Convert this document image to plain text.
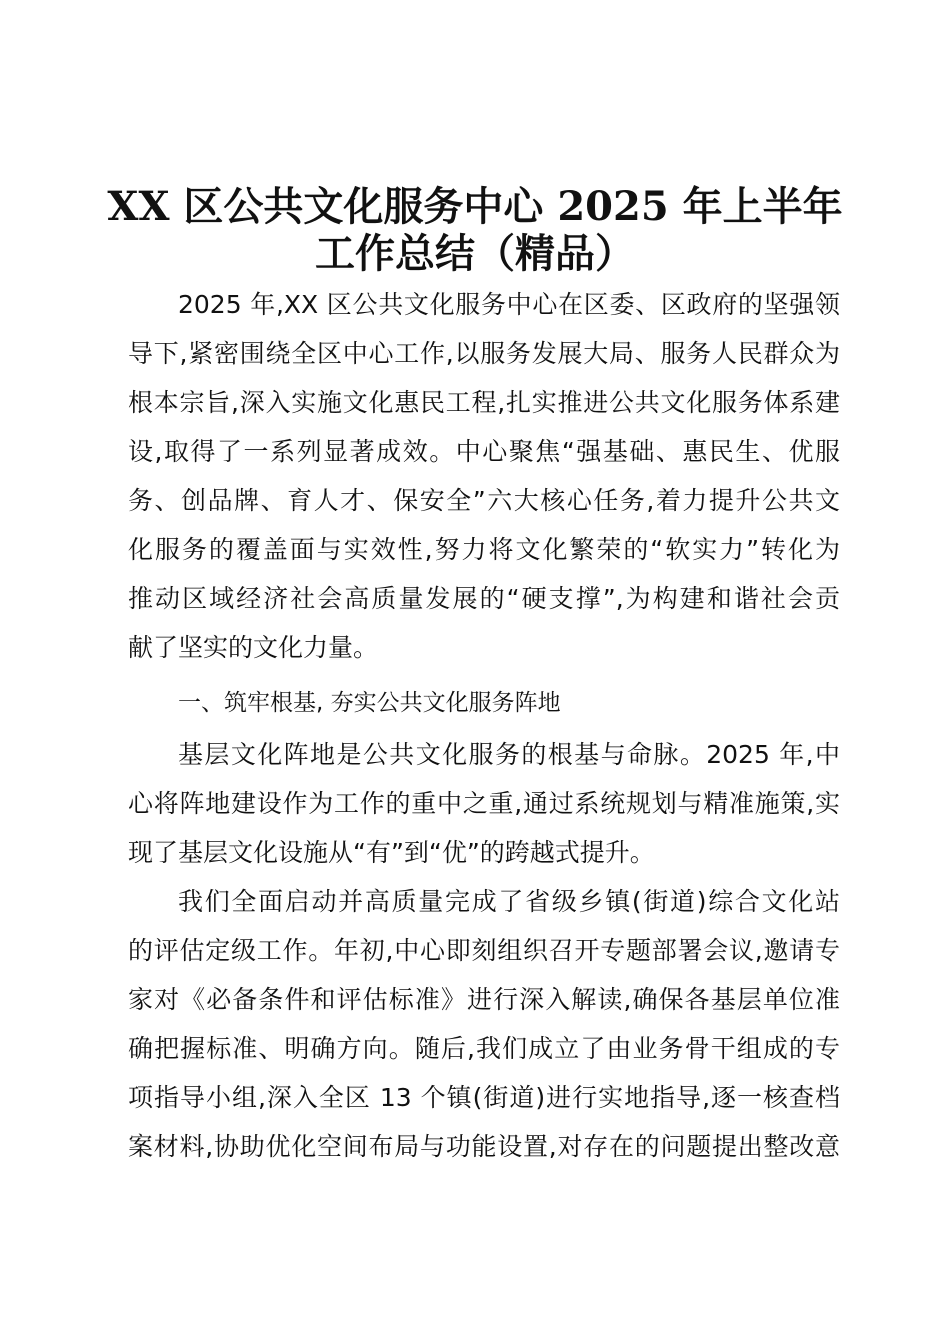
XX 区公共文化服务中心 2025 年上半年
工作总结（精品）
2025 年,XX 区公共文化服务中心在区委、区政府的坚强领
导下,紧密围绕全区中心工作,以服务发展大局、服务人民群众为
根本宗旨,深入实施文化惠民工程,扎实推进公共文化服务体系建
设,取得了一系列显著成效。中心聚焦“强基础、惠民生、优服
务、创品牌、育人才、保安全”六大核心任务,着力提升公共文
化服务的覆盖面与实效性,努力将文化繁荣的“软实力”转化为
推动区域经济社会高质量发展的“硬支撑”,为构建和谐社会贡
献了坚实的文化力量。
一、筑牢根基, 夯实公共文化服务阵地
基层文化阵地是公共文化服务的根基与命脉。2025 年,中
心将阵地建设作为工作的重中之重,通过系统规划与精准施策,实
现了基层文化设施从“有”到“优”的跨越式提升。
我们全面启动并高质量完成了省级乡镇(街道)综合文化站
的评估定级工作。年初,中心即刻组织召开专题部署会议,邀请专
家对《必备条件和评估标准》进行深入解读,确保各基层单位准
确把握标准、明确方向。随后,我们成立了由业务骨干组成的专
项指导小组,深入全区 13 个镇(街道)进行实地指导,逐一核查档
案材料,协助优化空间布局与功能设置,对存在的问题提出整改意
